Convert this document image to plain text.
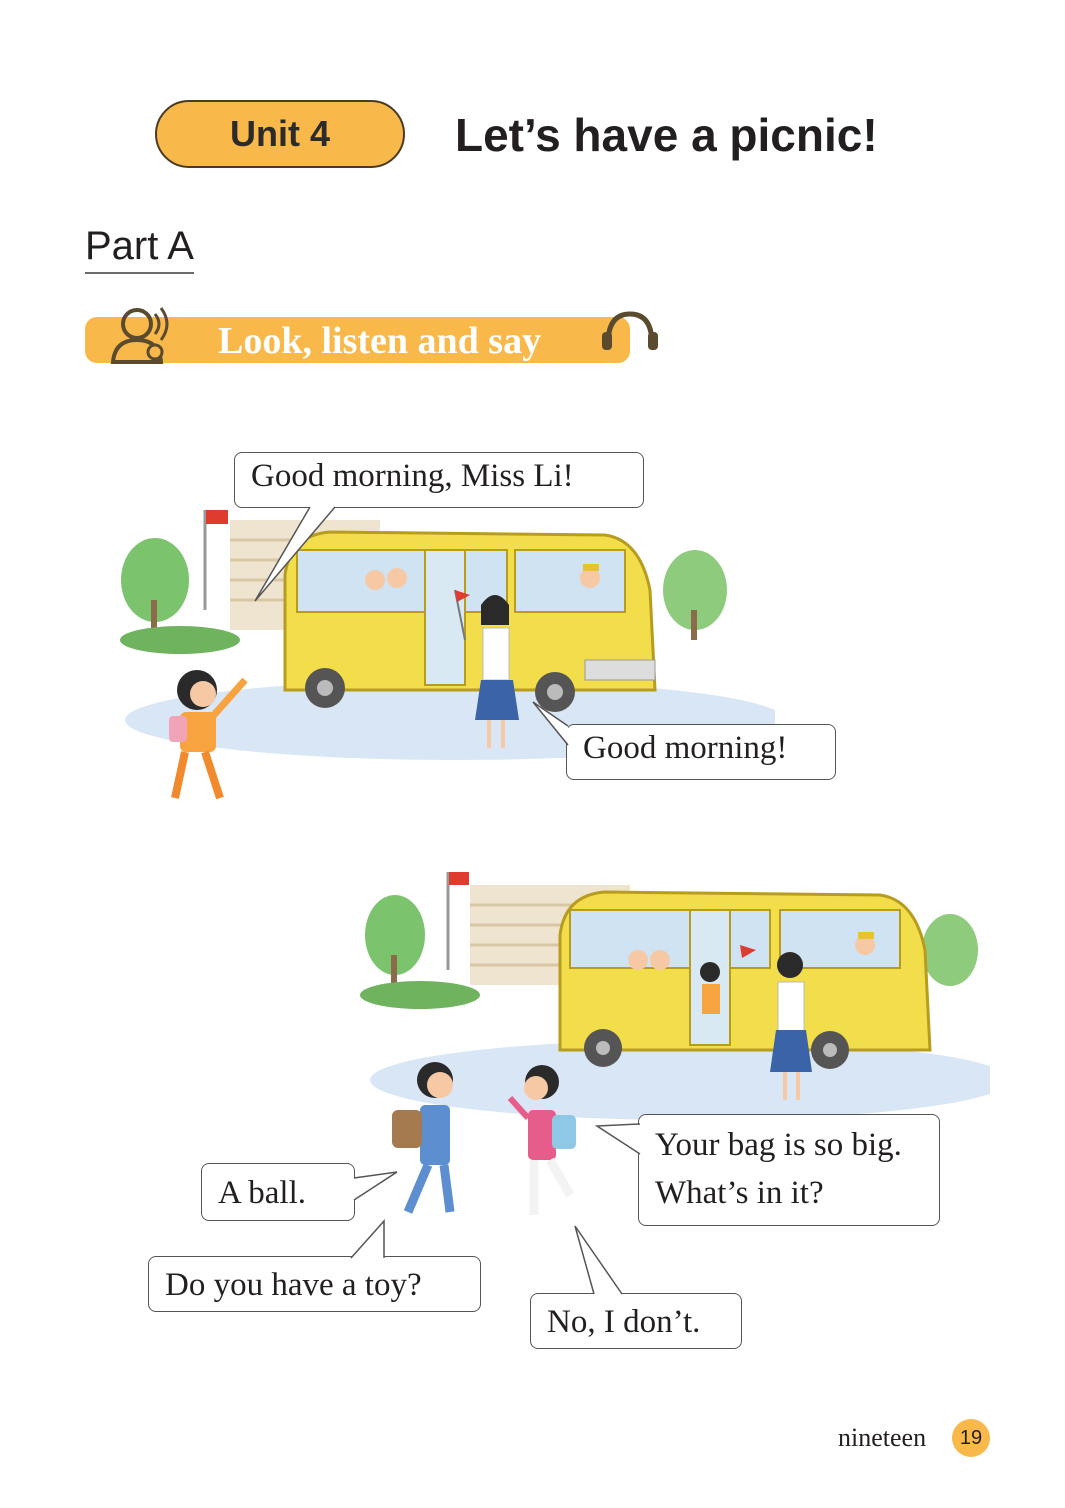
Unit 4	Let’s have a picnic!
Part A
Look, listen and say
Good morning, Miss Li!
Good morning!
Your bag is so big.
What’s in it?
A ball.
Do you have a toy?
No, I don’t.
nineteen 19
